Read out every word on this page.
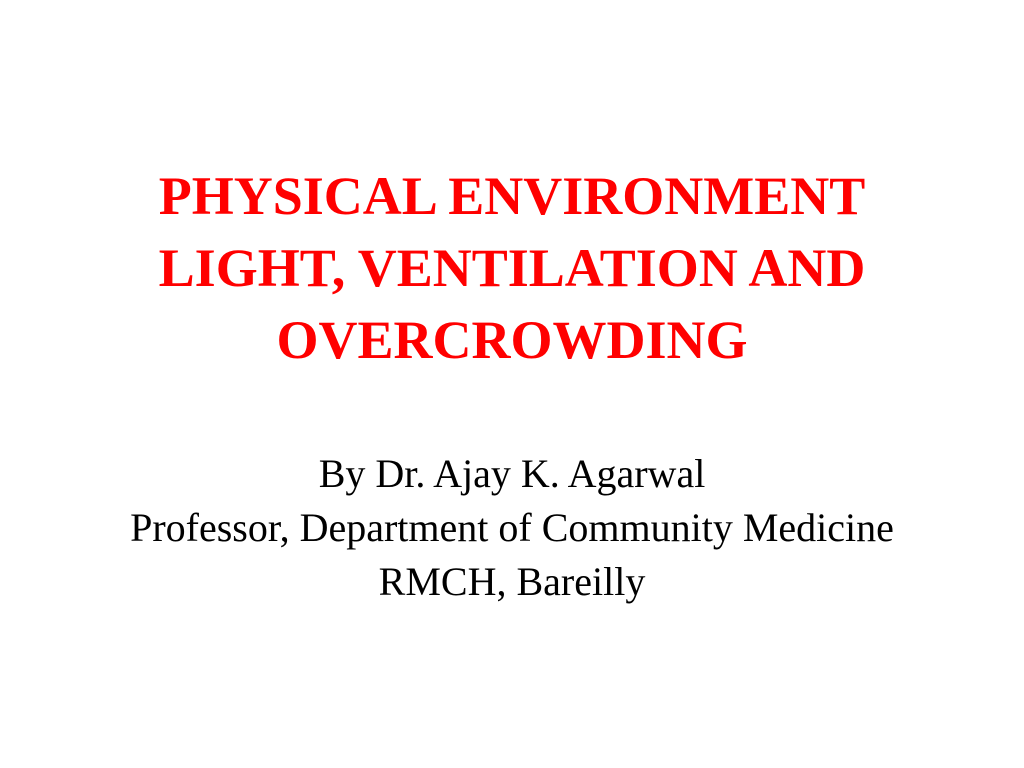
PHYSICAL ENVIRONMENT
LIGHT, VENTILATION AND
OVERCROWDING
By Dr. Ajay K. Agarwal
Professor, Department of Community Medicine
RMCH, Bareilly
